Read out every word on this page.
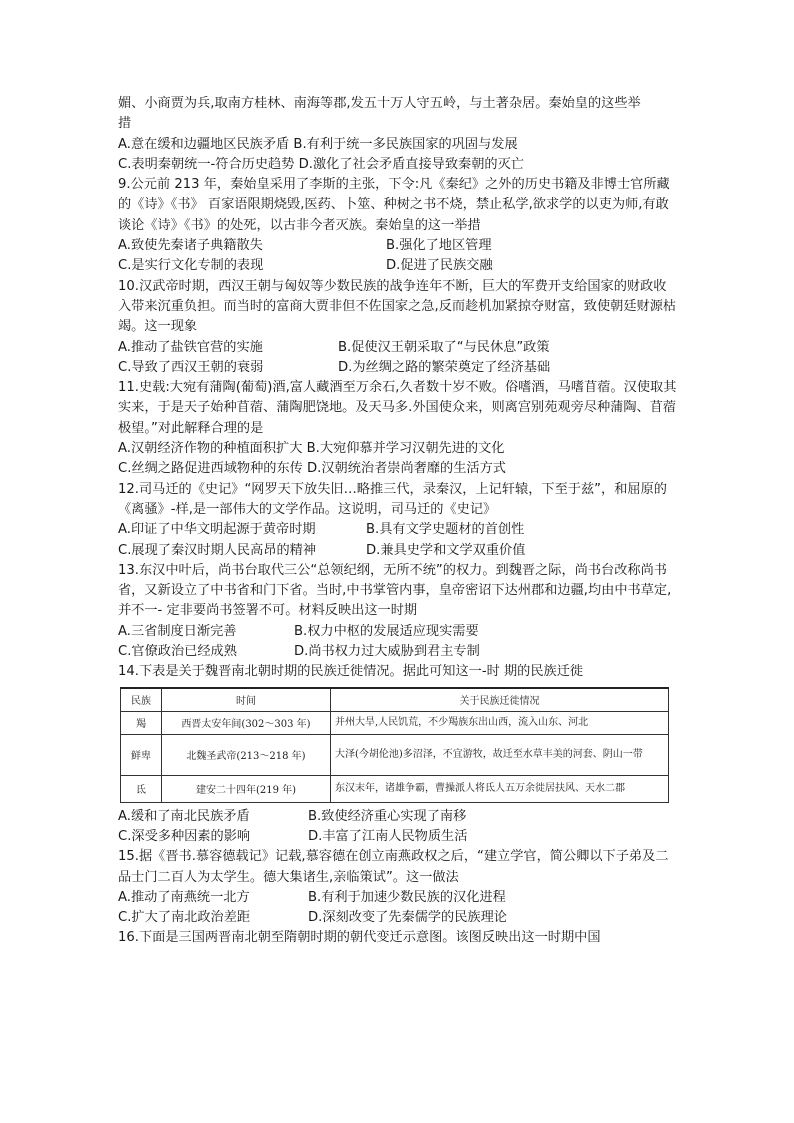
媚、小商贾为兵,取南方桂林、南海等郡,发五十万人守五岭，与土著杂居。秦始皇的这些举

措

A.意在缓和边疆地区民族矛盾 B.有利于统一多民族国家的巩固与发展

C.表明秦朝统一-符合历史趋势 D.激化了社会矛盾直接导致秦朝的灭亡

9.公元前 213 年，秦始皇采用了李斯的主张，下令:凡《秦纪》之外的历史书籍及非博士官所藏的《诗》《书》 百家语限期烧毁,医药、卜筮、种树之书不烧，禁止私学,欲求学的以吏为师,有敢谈论《诗》《书》的处死，以古非今者灭族。秦始皇的这一举措

A.致使先秦诸子典籍散失	B.强化了地区管理
C.是实行文化专制的表现	D.促进了民族交融

10.汉武帝时期，西汉王朝与匈奴等少数民族的战争连年不断，巨大的军费开支给国家的财政收入带来沉重负担。而当时的富商大贾非但不佐国家之急,反而趁机加紧掠夺财富，致使朝廷财源枯竭。这一现象

A.推动了盐铁官营的实施	B.促使汉王朝采取了“与民休息”政策
C.导致了西汉王朝的衰弱	D.为丝绸之路的繁荣奠定了经济基础

11.史载:大宛有蒲陶(葡萄)酒,富人藏酒至万余石,久者数十岁不败。俗嗜酒，马嗜苜蓿。汉使取其实来，于是天子始种苜蓿、蒲陶肥饶地。及天马多.外国使众来，则离宫别苑观旁尽种蒲陶、苜蓿极望。”对此解释合理的是

A.汉朝经济作物的种植面积扩大 B.大宛仰慕并学习汉朝先进的文化

C.丝绸之路促进西域物种的东传 D.汉朝统治者崇尚奢靡的生活方式

12.司马迁的《史记》“网罗天下放失旧…略推三代，录秦汉，上记轩辕，下至于兹”，和屈原的《离骚》-样,是一部伟大的文学作品。这说明，司马迁的《史记》

A.印证了中华文明起源于黄帝时期	B.具有文学史题材的首创性
C.展现了秦汉时期人民高昂的精神	D.兼具史学和文学双重价值

13.东汉中叶后，尚书台取代三公“总领纪纲，无所不统”的权力。到魏晋之际，尚书台改称尚书省，又新设立了中书省和门下省。当时,中书掌管内事，皇帝密诏下达州郡和边疆,均由中书草定,并不一- 定非要尚书签署不可。材料反映出这一时期

A.三省制度日渐完善	B.权力中枢的发展适应现实需要
C.官僚政治已经成熟	D.尚书权力过大威胁到君主专制

14.下表是关于魏晋南北朝时期的民族迁徙情况。据此可知这一-时 期的民族迁徙

民族	时间	关于民族迁徙情况
羯	西晋太安年间(302～303 年)	并州大旱,人民饥荒，不少羯族东出山西，流入山东、河北
鲜卑	北魏圣武帝(213～218 年)	大泽(今胡伦池)多沼泽，不宜游牧，故迁至水草丰美的河套、阴山一带
氐	建安二十四年(219 年)	东汉末年，诸雄争霸，曹操派人将氐人五万余徙居扶风、天水二郡
A.缓和了南北民族矛盾	B.致使经济重心实现了南移
C.深受多种因素的影响	D.丰富了江南人民物质生活

15.据《晋书.慕容德载记》记载,慕容德在创立南燕政权之后，“建立学官，简公卿以下子弟及二品士门二百人为太学生。德大集诸生,亲临策试”。这一做法

A.推动了南燕统一北方	B.有利于加速少数民族的汉化进程
C.扩大了南北政治差距	D.深刻改变了先秦儒学的民族理论

16.下面是三国两晋南北朝至隋朝时期的朝代变迁示意图。该图反映出这一时期中国
